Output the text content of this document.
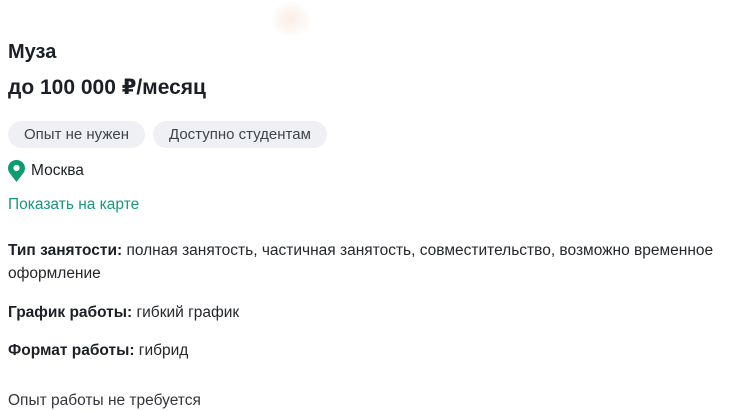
Муза
до 100 000 ₽/месяц
Опыт не нужен	Доступно студентам
Москва
Показать на карте

Тип занятости: полная занятость, частичная занятость, совместительство, возможно временное оформление

График работы: гибкий график

Формат работы: гибрид

Опыт работы не требуется
